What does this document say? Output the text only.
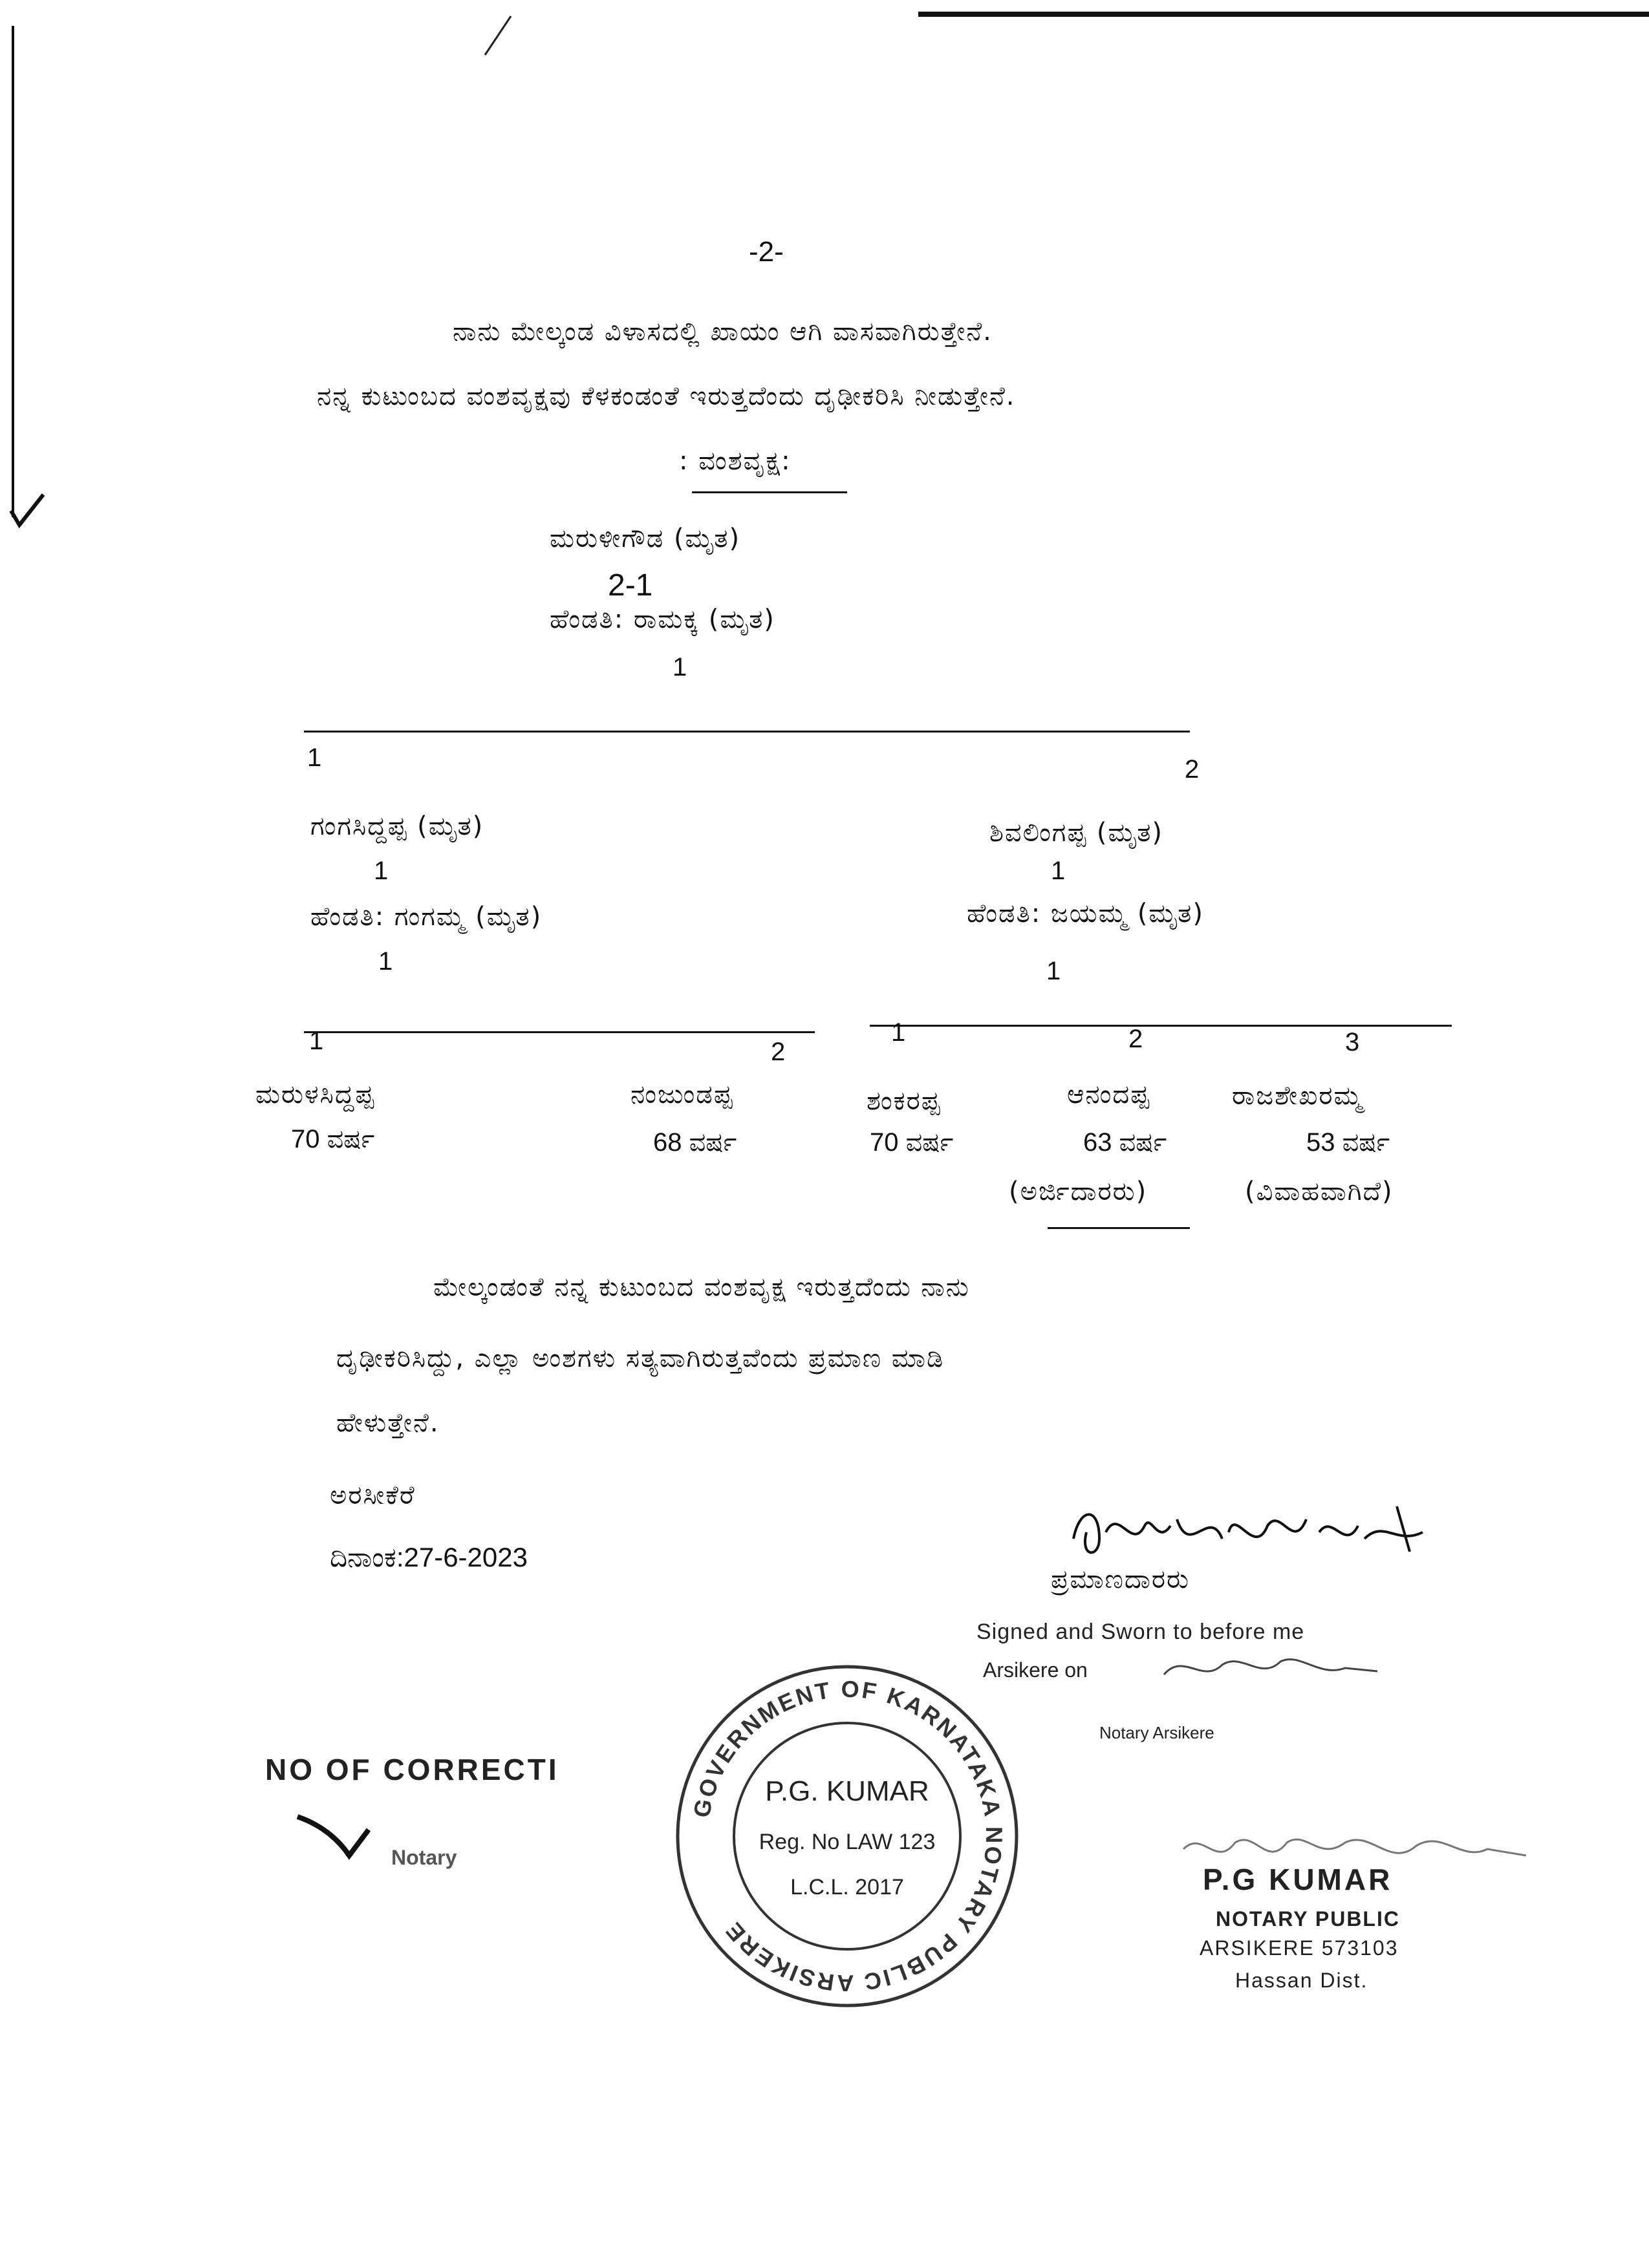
-2-
ನಾನು ಮೇಲ್ಕಂಡ ವಿಳಾಸದಲ್ಲಿ ಖಾಯಂ ಆಗಿ ವಾಸವಾಗಿರುತ್ತೇನೆ.
ನನ್ನ ಕುಟುಂಬದ ವಂಶವೃಕ್ಷವು ಕೆಳಕಂಡಂತೆ ಇರುತ್ತದೆಂದು ದೃಢೀಕರಿಸಿ ನೀಡುತ್ತೇನೆ.
: ವಂಶವೃಕ್ಷ:
ಮರುಳೀಗೌಡ (ಮೃತ)
2-1
ಹೆಂಡತಿ: ರಾಮಕ್ಕ (ಮೃತ)
1
1
ಗಂಗಸಿದ್ದಪ್ಪ (ಮೃತ)
1
ಹೆಂಡತಿ: ಗಂಗಮ್ಮ (ಮೃತ)
1
2
ಶಿವಲಿಂಗಪ್ಪ (ಮೃತ)
1
ಹೆಂಡತಿ: ಜಯಮ್ಮ (ಮೃತ)
1
1
ಮರುಳಸಿದ್ದಪ್ಪ
70 ವರ್ಷ
2
ನಂಜುಂಡಪ್ಪ
68 ವರ್ಷ
1
ಶಂಕರಪ್ಪ
70 ವರ್ಷ
2
ಆನಂದಪ್ಪ
63 ವರ್ಷ
(ಅರ್ಜಿದಾರರು)
3
ರಾಜಶೇಖರಮ್ಮ
53 ವರ್ಷ
(ವಿವಾಹವಾಗಿದೆ)
ಮೇಲ್ಕಂಡಂತೆ ನನ್ನ ಕುಟುಂಬದ ವಂಶವೃಕ್ಷ ಇರುತ್ತದೆಂದು ನಾನು
ದೃಢೀಕರಿಸಿದ್ದು, ಎಲ್ಲಾ ಅಂಶಗಳು ಸತ್ಯವಾಗಿರುತ್ತವೆಂದು ಪ್ರಮಾಣ ಮಾಡಿ
ಹೇಳುತ್ತೇನೆ.
ಅರಸೀಕೆರೆ
ದಿನಾಂಕ:27-6-2023
ಪ್ರಮಾಣದಾರರು
Signed and Sworn to before me
Arsikere on
Notary Arsikere
NO OF CORRECTI
Notary
GOVERNMENT OF KARNATAKA NOTARY PUBLIC ARSIKERE
P.G. KUMAR
Reg. No LAW 123
L.C.L. 2017	P.G KUMAR
NOTARY PUBLIC
ARSIKERE 573103
Hassan Dist.
